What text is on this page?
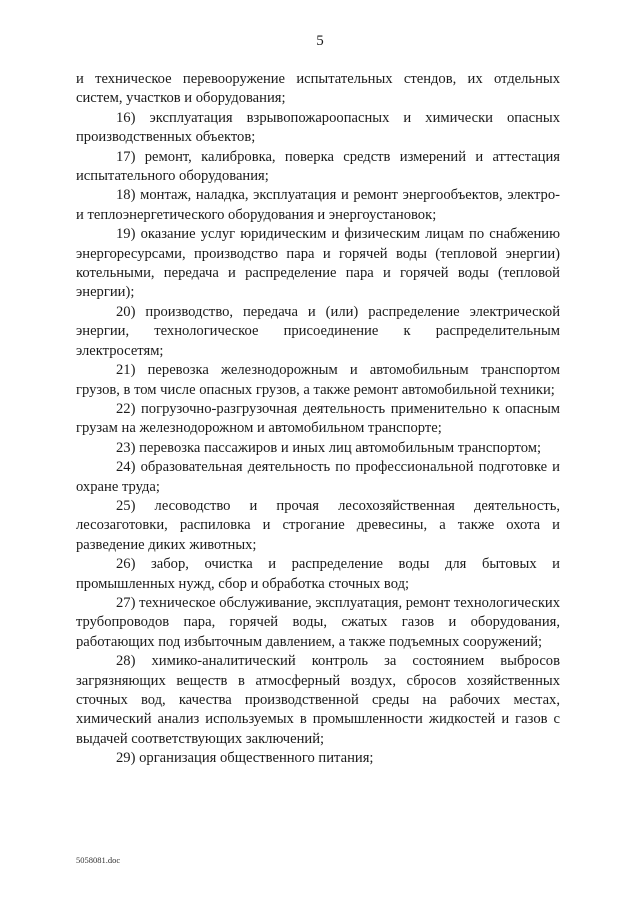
5

и техническое перевооружение испытательных стендов, их отдельных систем, участков и оборудования;

16) эксплуатация взрывопожароопасных и химически опасных производственных объектов;

17) ремонт, калибровка, поверка средств измерений и аттестация испытательного оборудования;

18) монтаж, наладка, эксплуатация и ремонт энергообъектов, электро- и теплоэнергетического оборудования и энергоустановок;

19) оказание услуг юридическим и физическим лицам по снабжению энергоресурсами, производство пара и горячей воды (тепловой энергии) котельными, передача и распределение пара и горячей воды (тепловой энергии);

20) производство, передача и (или) распределение электрической энергии, технологическое присоединение к распределительным электросетям;

21) перевозка железнодорожным и автомобильным транспортом грузов, в том числе опасных грузов, а также ремонт автомобильной техники;

22) погрузочно-разгрузочная деятельность применительно к опасным грузам на железнодорожном и автомобильном транспорте;

23) перевозка пассажиров и иных лиц автомобильным транспортом;

24) образовательная деятельность по профессиональной подготовке и охране труда;

25) лесоводство и прочая лесохозяйственная деятельность, лесозаготовки, распиловка и строгание древесины, а также охота и разведение диких животных;

26) забор, очистка и распределение воды для бытовых и промышленных нужд, сбор и обработка сточных вод;

27) техническое обслуживание, эксплуатация, ремонт технологических трубопроводов пара, горячей воды, сжатых газов и оборудования, работающих под избыточным давлением, а также подъемных сооружений;

28) химико-аналитический контроль за состоянием выбросов загрязняющих веществ в атмосферный воздух, сбросов хозяйственных сточных вод, качества производственной среды на рабочих местах, химический анализ используемых в промышленности жидкостей и газов с выдачей соответствующих заключений;

29) организация общественного питания;

5058081.doc
